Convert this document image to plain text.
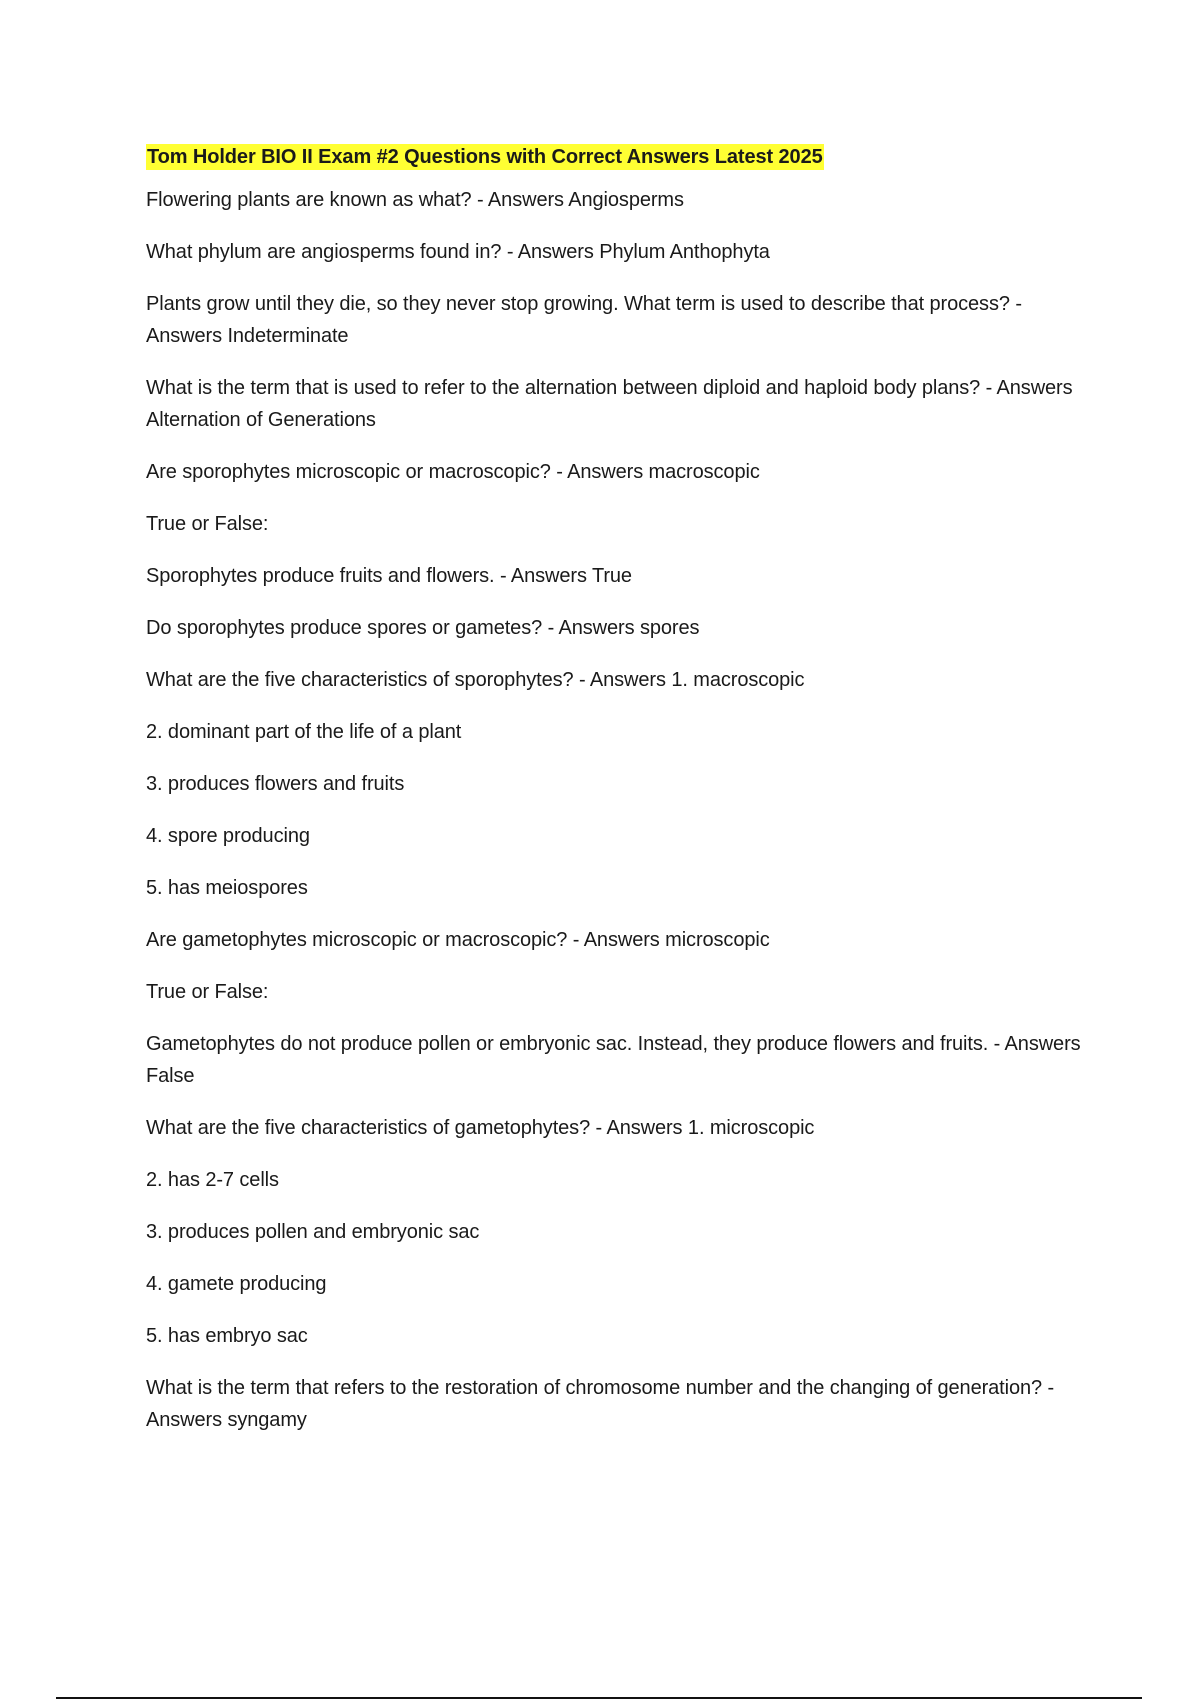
Tom Holder BIO II Exam #2 Questions with Correct Answers Latest 2025
Flowering plants are known as what? - Answers Angiosperms
What phylum are angiosperms found in? - Answers Phylum Anthophyta
Plants grow until they die, so they never stop growing. What term is used to describe that process? - Answers Indeterminate
What is the term that is used to refer to the alternation between diploid and haploid body plans? - Answers Alternation of Generations
Are sporophytes microscopic or macroscopic? - Answers macroscopic
True or False:
Sporophytes produce fruits and flowers. - Answers True
Do sporophytes produce spores or gametes? - Answers spores
What are the five characteristics of sporophytes? - Answers 1. macroscopic
2. dominant part of the life of a plant
3. produces flowers and fruits
4. spore producing
5. has meiospores
Are gametophytes microscopic or macroscopic? - Answers microscopic
True or False:
Gametophytes do not produce pollen or embryonic sac. Instead, they produce flowers and fruits. - Answers False
What are the five characteristics of gametophytes? - Answers 1. microscopic
2. has 2-7 cells
3. produces pollen and embryonic sac
4. gamete producing
5. has embryo sac
What is the term that refers to the restoration of chromosome number and the changing of generation? - Answers syngamy
